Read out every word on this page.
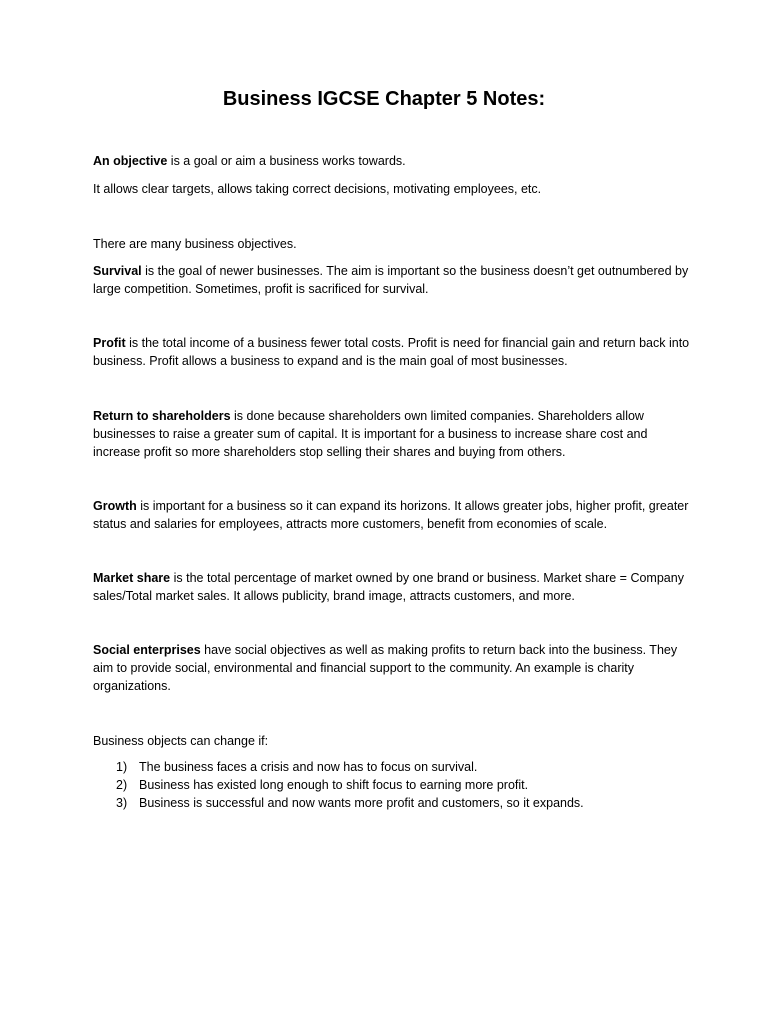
Business IGCSE Chapter 5 Notes:

An objective is a goal or aim a business works towards.

It allows clear targets, allows taking correct decisions, motivating employees, etc.

There are many business objectives.

Survival is the goal of newer businesses. The aim is important so the business doesn’t get outnumbered by large competition. Sometimes, profit is sacrificed for survival.

Profit is the total income of a business fewer total costs. Profit is need for financial gain and return back into business. Profit allows a business to expand and is the main goal of most businesses.

Return to shareholders is done because shareholders own limited companies. Shareholders allow businesses to raise a greater sum of capital. It is important for a business to increase share cost and increase profit so more shareholders stop selling their shares and buying from others.

Growth is important for a business so it can expand its horizons. It allows greater jobs, higher profit, greater status and salaries for employees, attracts more customers, benefit from economies of scale.

Market share is the total percentage of market owned by one brand or business. Market share = Company sales/Total market sales. It allows publicity, brand image, attracts customers, and more.

Social enterprises have social objectives as well as making profits to return back into the business. They aim to provide social, environmental and financial support to the community. An example is charity organizations.

Business objects can change if:

1) The business faces a crisis and now has to focus on survival.
2) Business has existed long enough to shift focus to earning more profit.
3) Business is successful and now wants more profit and customers, so it expands.
